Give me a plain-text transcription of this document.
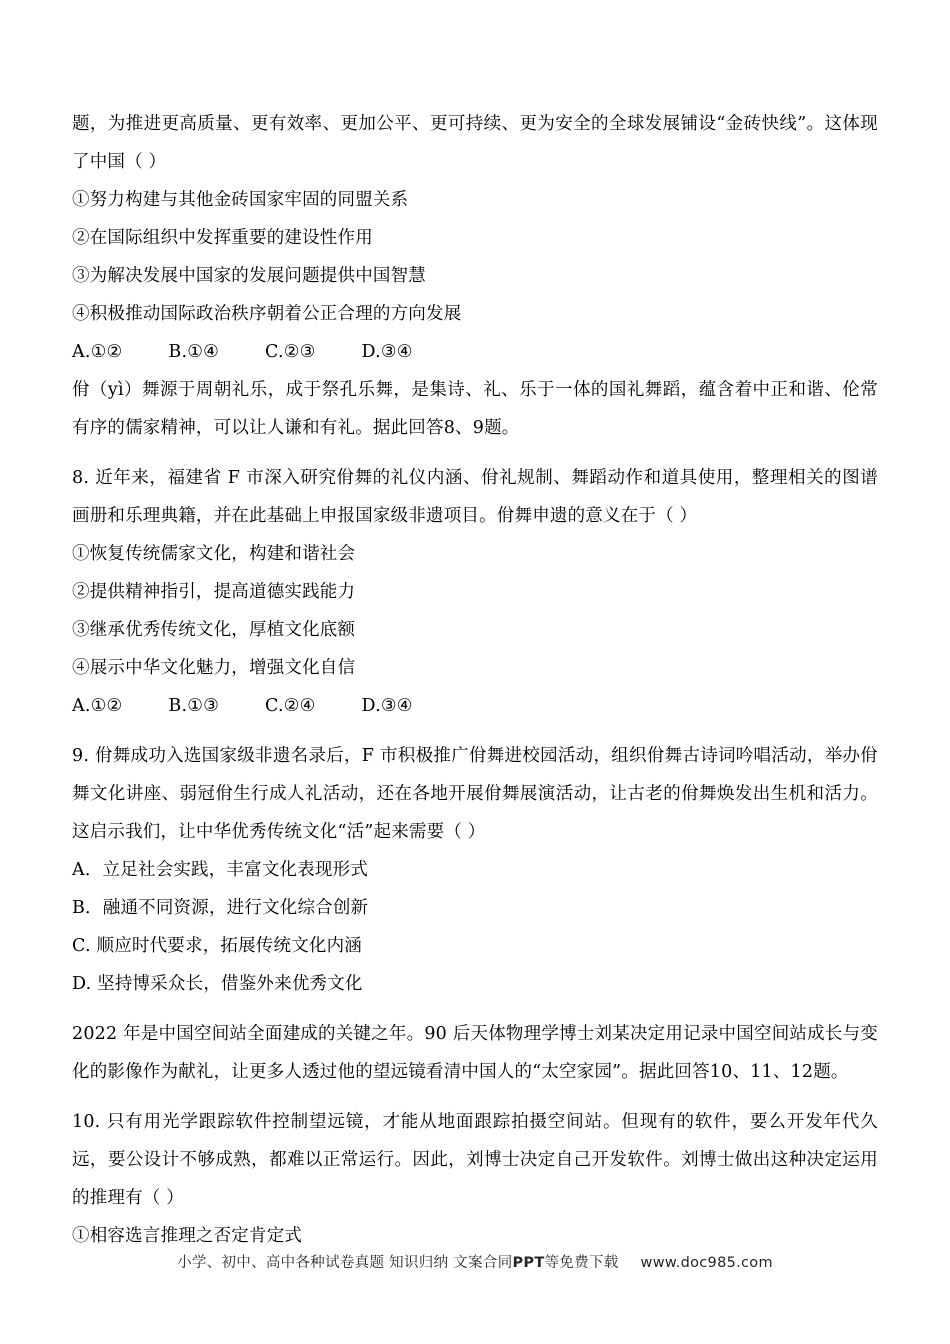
题，为推进更高质量、更有效率、更加公平、更可持续、更为安全的全球发展铺设“金砖快线”。这体现了中国（ ）

①努力构建与其他金砖国家牢固的同盟关系

②在国际组织中发挥重要的建设性作用

③为解决发展中国家的发展问题提供中国智慧

④积极推动国际政治秩序朝着公正合理的方向发展

A.①②	B.①④	C.②③	D.③④

佾（yì）舞源于周朝礼乐，成于祭孔乐舞，是集诗、礼、乐于一体的国礼舞蹈，蕴含着中正和谐、伦常有序的儒家精神，可以让人谦和有礼。据此回答8、9题。

8. 近年来，福建省 F 市深入研究佾舞的礼仪内涵、佾礼规制、舞蹈动作和道具使用，整理相关的图谱画册和乐理典籍，并在此基础上申报国家级非遗项目。佾舞申遗的意义在于（ ）

①恢复传统儒家文化，构建和谐社会

②提供精神指引，提高道德实践能力

③继承优秀传统文化，厚植文化底额

④展示中华文化魅力，增强文化自信

A.①②	B.①③	C.②④	D.③④

9. 佾舞成功入选国家级非遗名录后，F 市积极推广佾舞进校园活动，组织佾舞古诗词吟唱活动，举办佾舞文化讲座、弱冠佾生行成人礼活动，还在各地开展佾舞展演活动，让古老的佾舞焕发出生机和活力。这启示我们，让中华优秀传统文化“活”起来需要（ ）

A．立足社会实践，丰富文化表现形式

B．融通不同资源，进行文化综合创新

C. 顺应时代要求，拓展传统文化内涵

D. 坚持博采众长，借鉴外来优秀文化

2022 年是中国空间站全面建成的关键之年。90 后天体物理学博士刘某决定用记录中国空间站成长与变化的影像作为献礼，让更多人透过他的望远镜看清中国人的“太空家园”。据此回答10、11、12题。

10. 只有用光学跟踪软件控制望远镜，才能从地面跟踪拍摄空间站。但现有的软件，要么开发年代久远，要公设计不够成熟，都难以正常运行。因此，刘博士决定自己开发软件。刘博士做出这种决定运用的推理有（ ）

①相容选言推理之否定肯定式

小学、初中、高中各种试卷真题 知识归纳 文案合同PPT等免费下载 www.doc985.com
